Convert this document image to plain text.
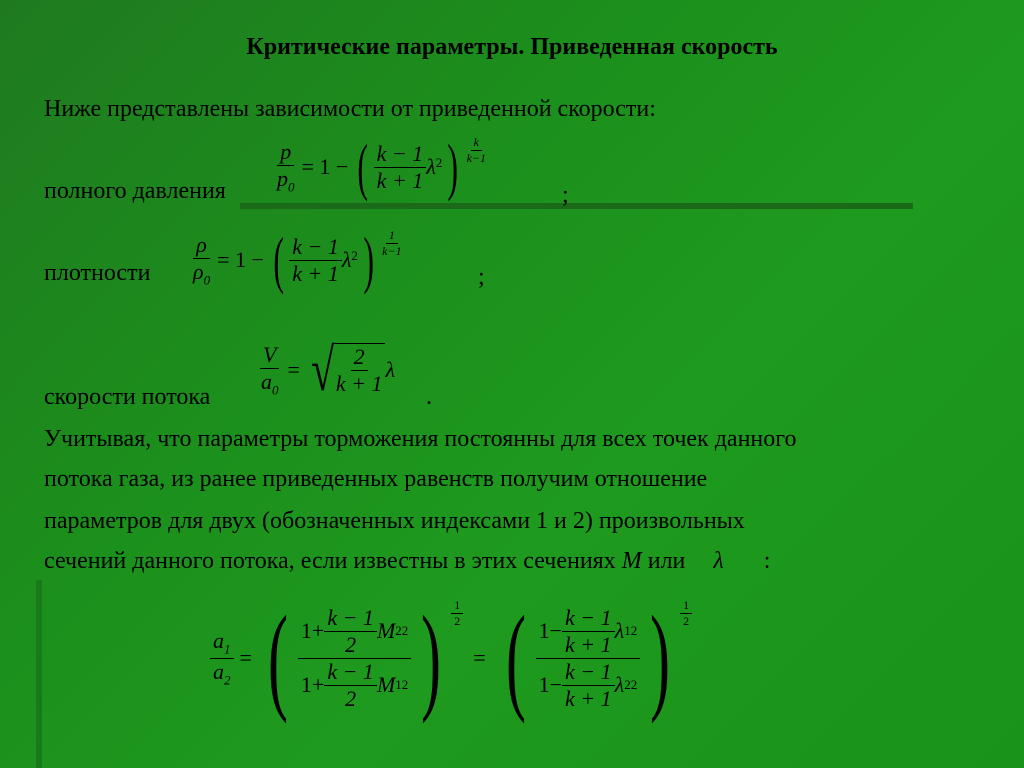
Критические параметры. Приведенная скорость
Ниже представлены зависимости от приведенной скорости:
полного давления $\frac{p}{p_0} = 1$ − ( $\frac{k - 1}{k + 1}$ λ 2 ) $\frac{k}{k-1}$
;
плотности $\frac{\rho}{\rho_0} = 1$ − ( $\frac{k - 1}{k + 1}$ λ 2 ) $\frac{1}{k-1}$
;
скорости потока $\frac{V}{a_0}$ = √
$\frac{2}{k + 1}$ λ
.
Учитывая, что параметры торможения постоянны для всех точек данного
потока газа, из ранее приведенных равенств получим отношение
параметров для двух (обозначенных индексами 1 и 2) произвольных
сечений данного потока, если известны в этих сечениях M или λ :
$\frac{a_1}{a_2}$ = ( $\frac{1+ \frac{k - 1}{2} M 2 2}{1+ \frac{k - 1}{2} M 1 2}$ ) $\frac{1}{2}$
= ( $\frac{1- \frac{k - 1}{k + 1} \lambda 1 2}{1- \frac{k - 1}{k + 1} \lambda 2 2}$ ) $\frac{1}{2}$
